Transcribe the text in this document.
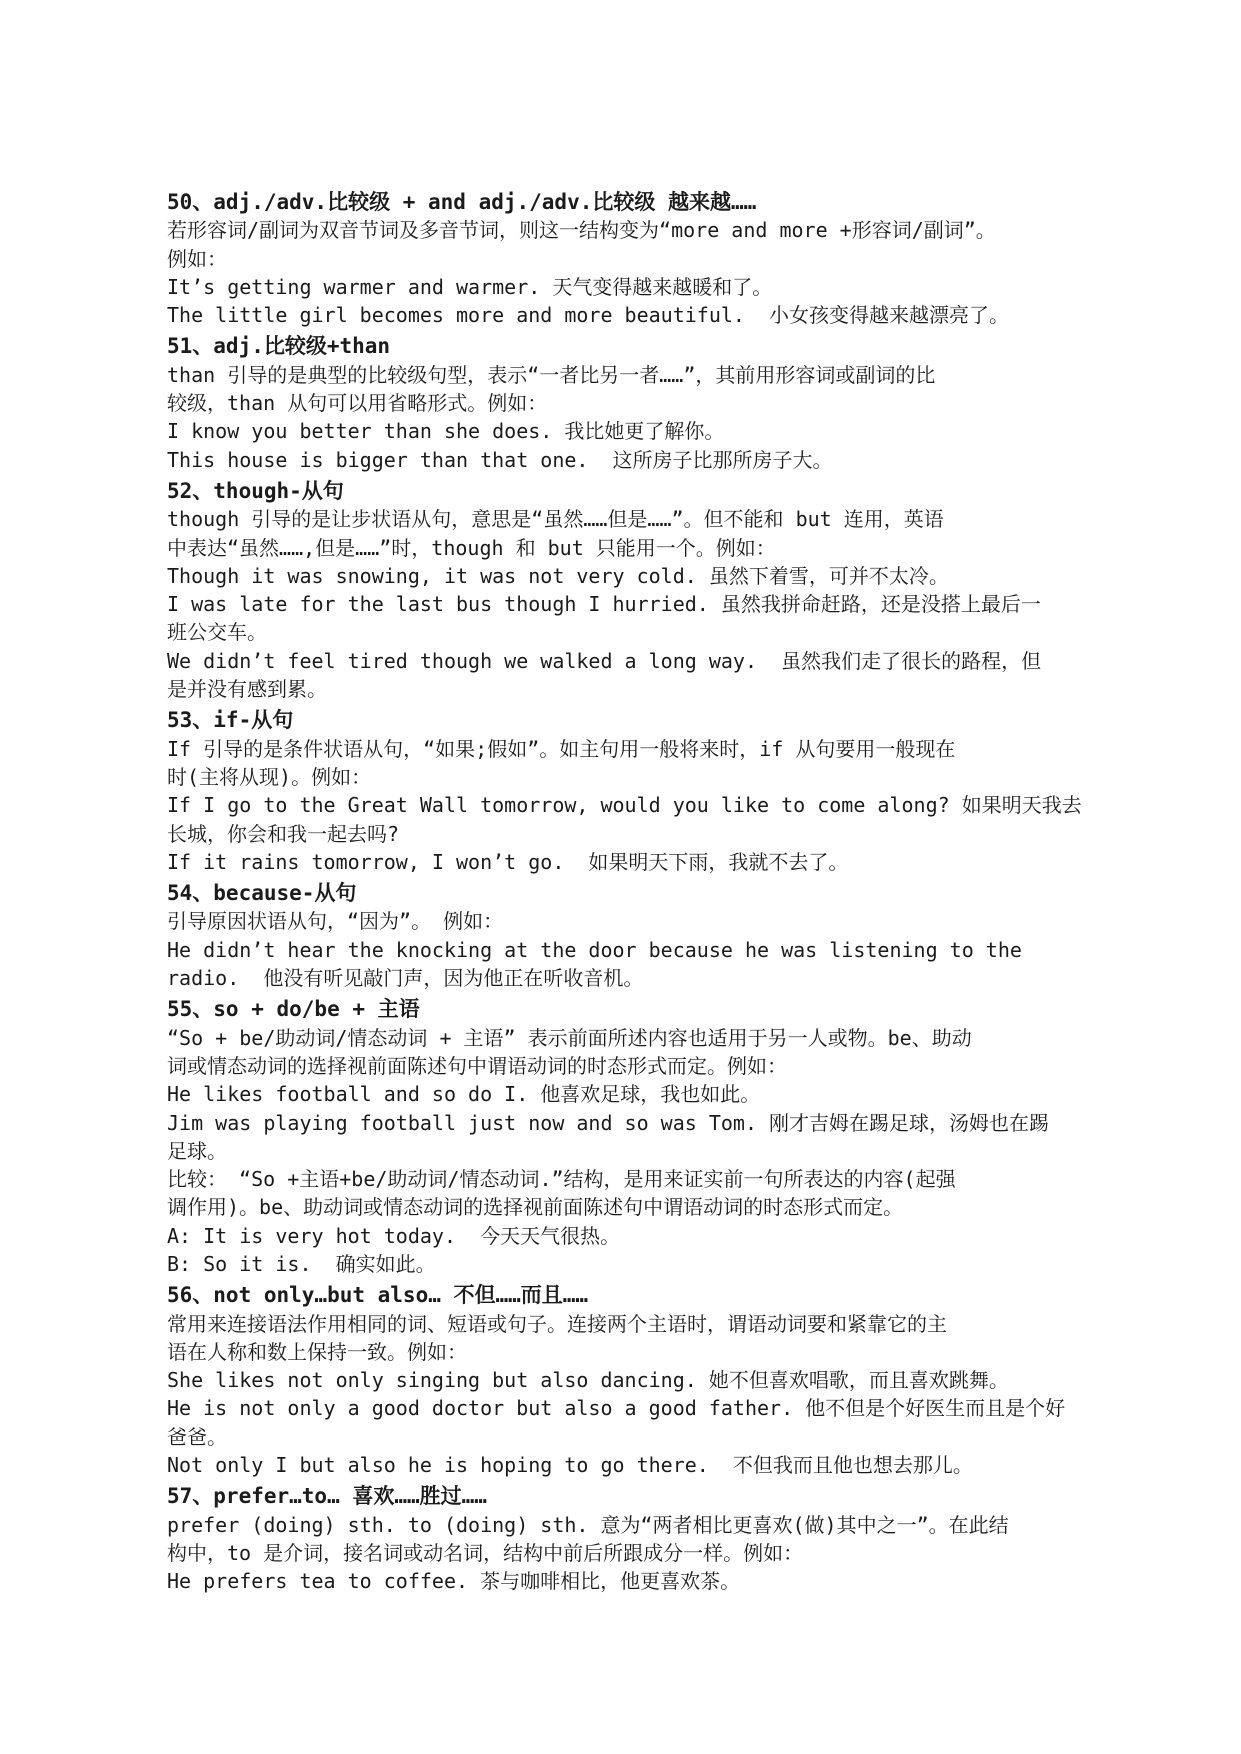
50、adj./adv.比较级 + and adj./adv.比较级 越来越……
若形容词/副词为双音节词及多音节词，则这一结构变为“more and more +形容词/副词”。
例如：
It’s getting warmer and warmer. 天气变得越来越暖和了。
The little girl becomes more and more beautiful.  小女孩变得越来越漂亮了。
51、adj.比较级+than
than 引导的是典型的比较级句型，表示“一者比另一者……”，其前用形容词或副词的比
较级，than 从句可以用省略形式。例如：
I know you better than she does. 我比她更了解你。
This house is bigger than that one.  这所房子比那所房子大。
52、though-从句
though 引导的是让步状语从句，意思是“虽然……但是……”。但不能和 but 连用，英语
中表达“虽然……,但是……”时，though 和 but 只能用一个。例如：
Though it was snowing, it was not very cold. 虽然下着雪，可并不太冷。
I was late for the last bus though I hurried. 虽然我拼命赶路，还是没搭上最后一
班公交车。
We didn’t feel tired though we walked a long way.  虽然我们走了很长的路程，但
是并没有感到累。
53、if-从句
If 引导的是条件状语从句，“如果;假如”。如主句用一般将来时，if 从句要用一般现在
时(主将从现)。例如：
If I go to the Great Wall tomorrow, would you like to come along? 如果明天我去
长城，你会和我一起去吗?
If it rains tomorrow, I won’t go.  如果明天下雨，我就不去了。
54、because-从句
引导原因状语从句，“因为”。 例如：
He didn’t hear the knocking at the door because he was listening to the
radio.  他没有听见敲门声，因为他正在听收音机。
55、so + do/be + 主语
“So + be/助动词/情态动词 + 主语” 表示前面所述内容也适用于另一人或物。be、助动
词或情态动词的选择视前面陈述句中谓语动词的时态形式而定。例如：
He likes football and so do I. 他喜欢足球，我也如此。
Jim was playing football just now and so was Tom. 刚才吉姆在踢足球，汤姆也在踢
足球。
比较： “So +主语+be/助动词/情态动词.”结构，是用来证实前一句所表达的内容(起强
调作用)。be、助动词或情态动词的选择视前面陈述句中谓语动词的时态形式而定。
A: It is very hot today.  今天天气很热。
B: So it is.  确实如此。
56、not only…but also… 不但……而且……
常用来连接语法作用相同的词、短语或句子。连接两个主语时，谓语动词要和紧靠它的主
语在人称和数上保持一致。例如：
She likes not only singing but also dancing. 她不但喜欢唱歌，而且喜欢跳舞。
He is not only a good doctor but also a good father. 他不但是个好医生而且是个好
爸爸。
Not only I but also he is hoping to go there.  不但我而且他也想去那儿。
57、prefer…to… 喜欢……胜过……
prefer (doing) sth. to (doing) sth. 意为“两者相比更喜欢(做)其中之一”。在此结
构中，to 是介词，接名词或动名词，结构中前后所跟成分一样。例如：
He prefers tea to coffee. 茶与咖啡相比，他更喜欢茶。
